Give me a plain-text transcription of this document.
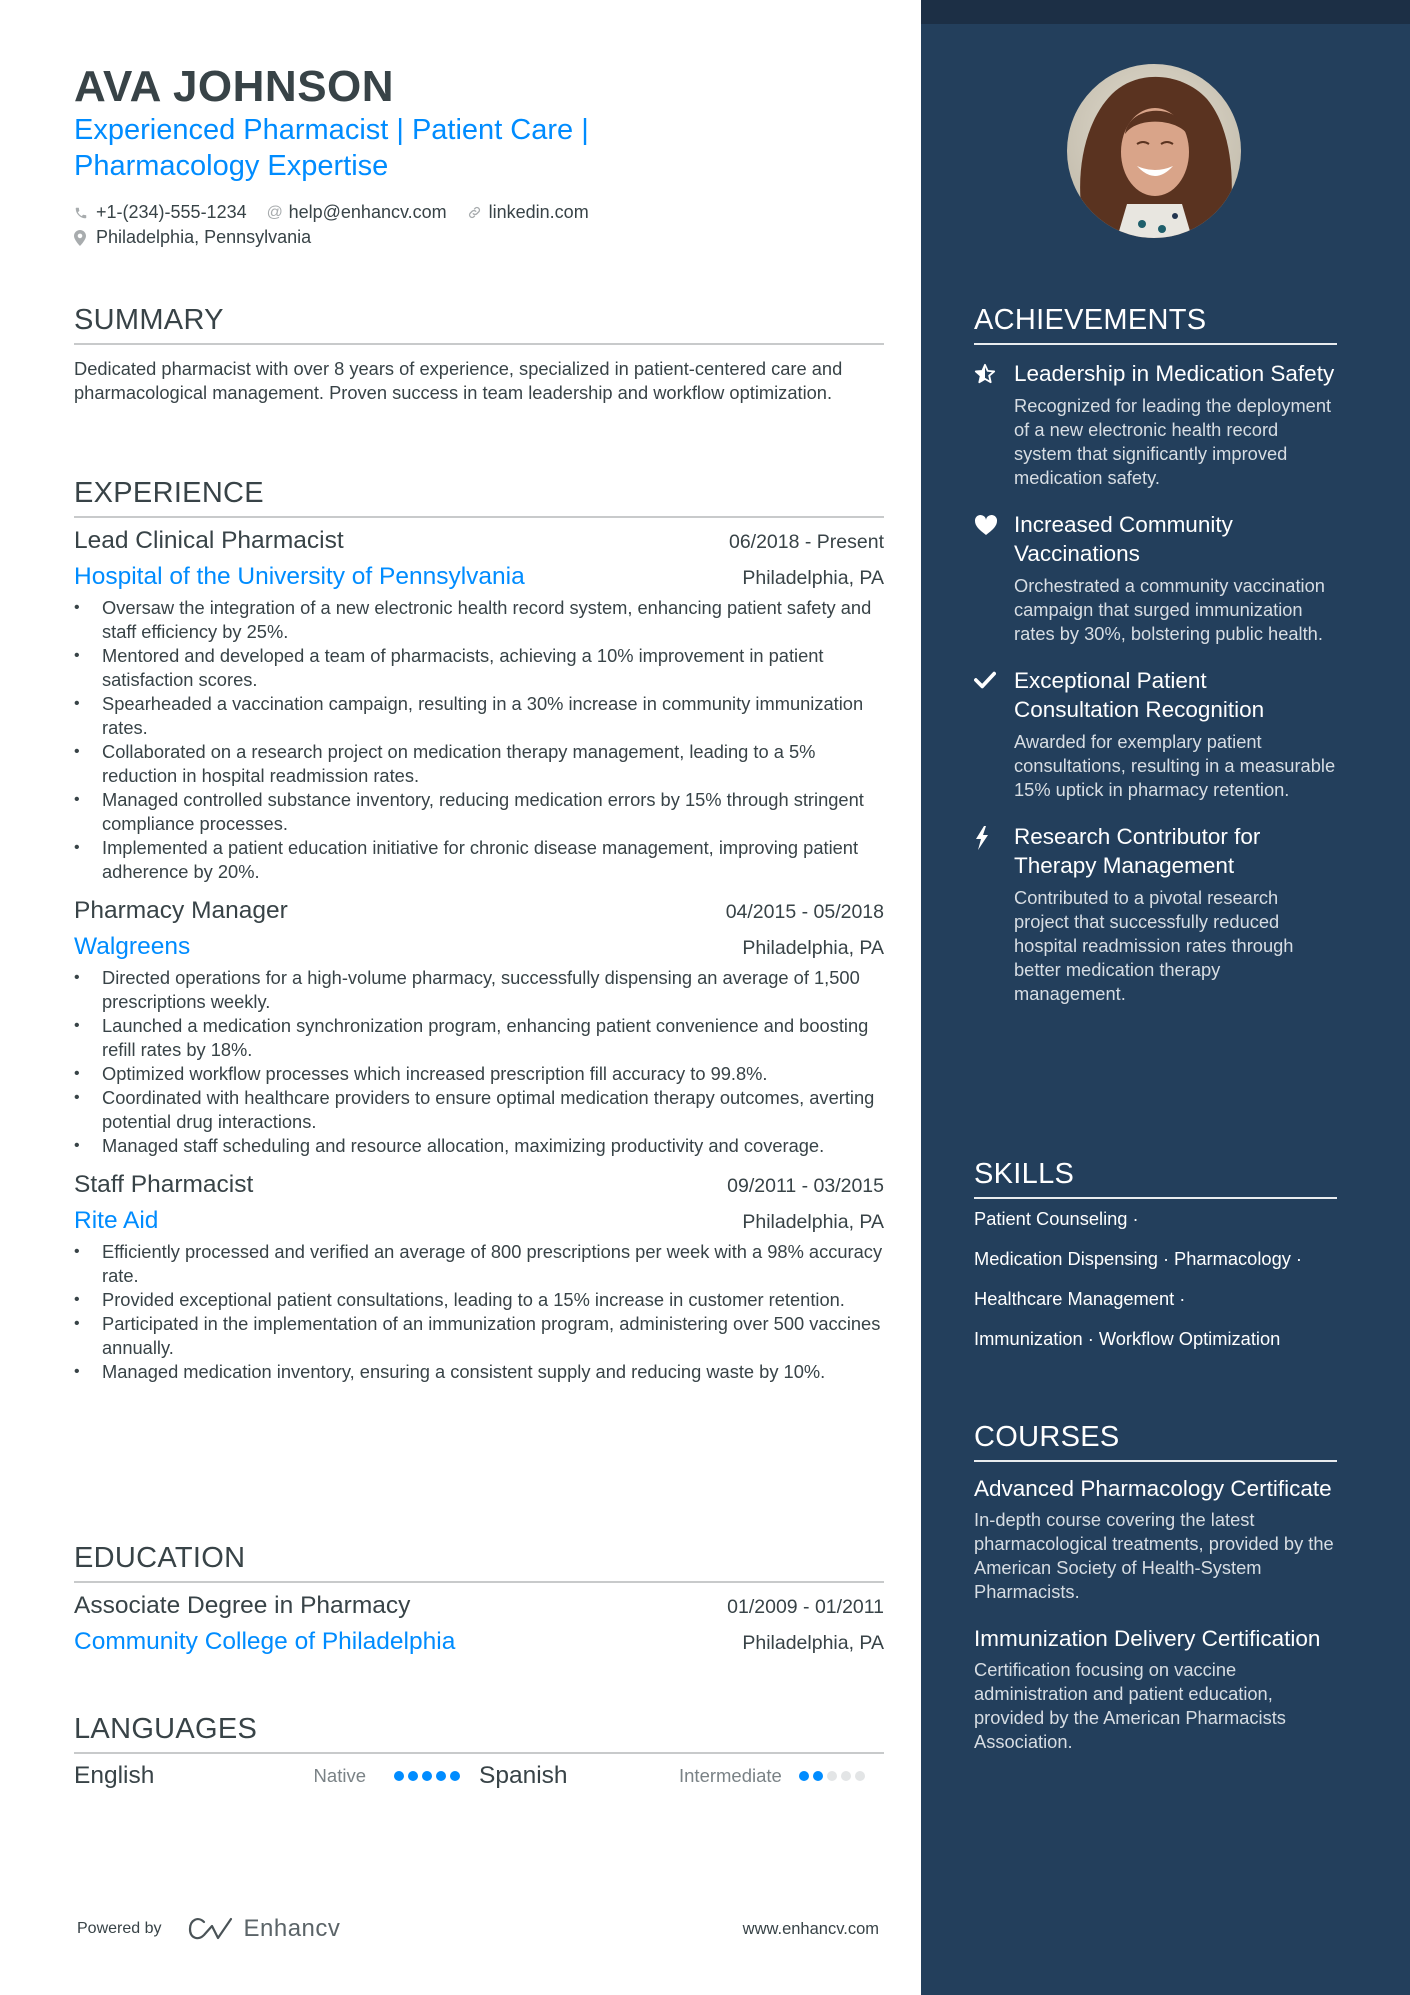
AVA JOHNSON
Experienced Pharmacist | Patient Care | Pharmacology Expertise
+1-(234)-555-1234 @ help@enhancv.com linkedin.com
Philadelphia, Pennsylvania
SUMMARY
Dedicated pharmacist with over 8 years of experience, specialized in patient-centered care and pharmacological management. Proven success in team leadership and workflow optimization.
EXPERIENCE
Lead Clinical Pharmacist	06/2018 - Present
Hospital of the University of Pennsylvania	Philadelphia, PA
• Oversaw the integration of a new electronic health record system, enhancing patient safety and staff efficiency by 25%.
• Mentored and developed a team of pharmacists, achieving a 10% improvement in patient satisfaction scores.
• Spearheaded a vaccination campaign, resulting in a 30% increase in community immunization rates.
• Collaborated on a research project on medication therapy management, leading to a 5% reduction in hospital readmission rates.
• Managed controlled substance inventory, reducing medication errors by 15% through stringent compliance processes.
• Implemented a patient education initiative for chronic disease management, improving patient adherence by 20%.
Pharmacy Manager	04/2015 - 05/2018
Walgreens	Philadelphia, PA
• Directed operations for a high-volume pharmacy, successfully dispensing an average of 1,500 prescriptions weekly.
• Launched a medication synchronization program, enhancing patient convenience and boosting refill rates by 18%.
• Optimized workflow processes which increased prescription fill accuracy to 99.8%.
• Coordinated with healthcare providers to ensure optimal medication therapy outcomes, averting potential drug interactions.
• Managed staff scheduling and resource allocation, maximizing productivity and coverage.
Staff Pharmacist	09/2011 - 03/2015
Rite Aid	Philadelphia, PA
• Efficiently processed and verified an average of 800 prescriptions per week with a 98% accuracy rate.
• Provided exceptional patient consultations, leading to a 15% increase in customer retention.
• Participated in the implementation of an immunization program, administering over 500 vaccines annually.
• Managed medication inventory, ensuring a consistent supply and reducing waste by 10%.
EDUCATION
Associate Degree in Pharmacy	01/2009 - 01/2011
Community College of Philadelphia	Philadelphia, PA
LANGUAGES
English	Native	Spanish	Intermediate
Powered by	Enhancv	www.enhancv.com
ACHIEVEMENTS
Leadership in Medication Safety
Recognized for leading the deployment of a new electronic health record system that significantly improved medication safety.
Increased Community Vaccinations
Orchestrated a community vaccination campaign that surged immunization rates by 30%, bolstering public health.
Exceptional Patient Consultation Recognition
Awarded for exemplary patient consultations, resulting in a measurable 15% uptick in pharmacy retention.
Research Contributor for Therapy Management
Contributed to a pivotal research project that successfully reduced hospital readmission rates through better medication therapy management.
SKILLS
Patient Counseling ·
Medication Dispensing · Pharmacology ·
Healthcare Management ·
Immunization · Workflow Optimization
COURSES
Advanced Pharmacology Certificate
In-depth course covering the latest pharmacological treatments, provided by the American Society of Health-System Pharmacists.
Immunization Delivery Certification
Certification focusing on vaccine administration and patient education, provided by the American Pharmacists Association.
